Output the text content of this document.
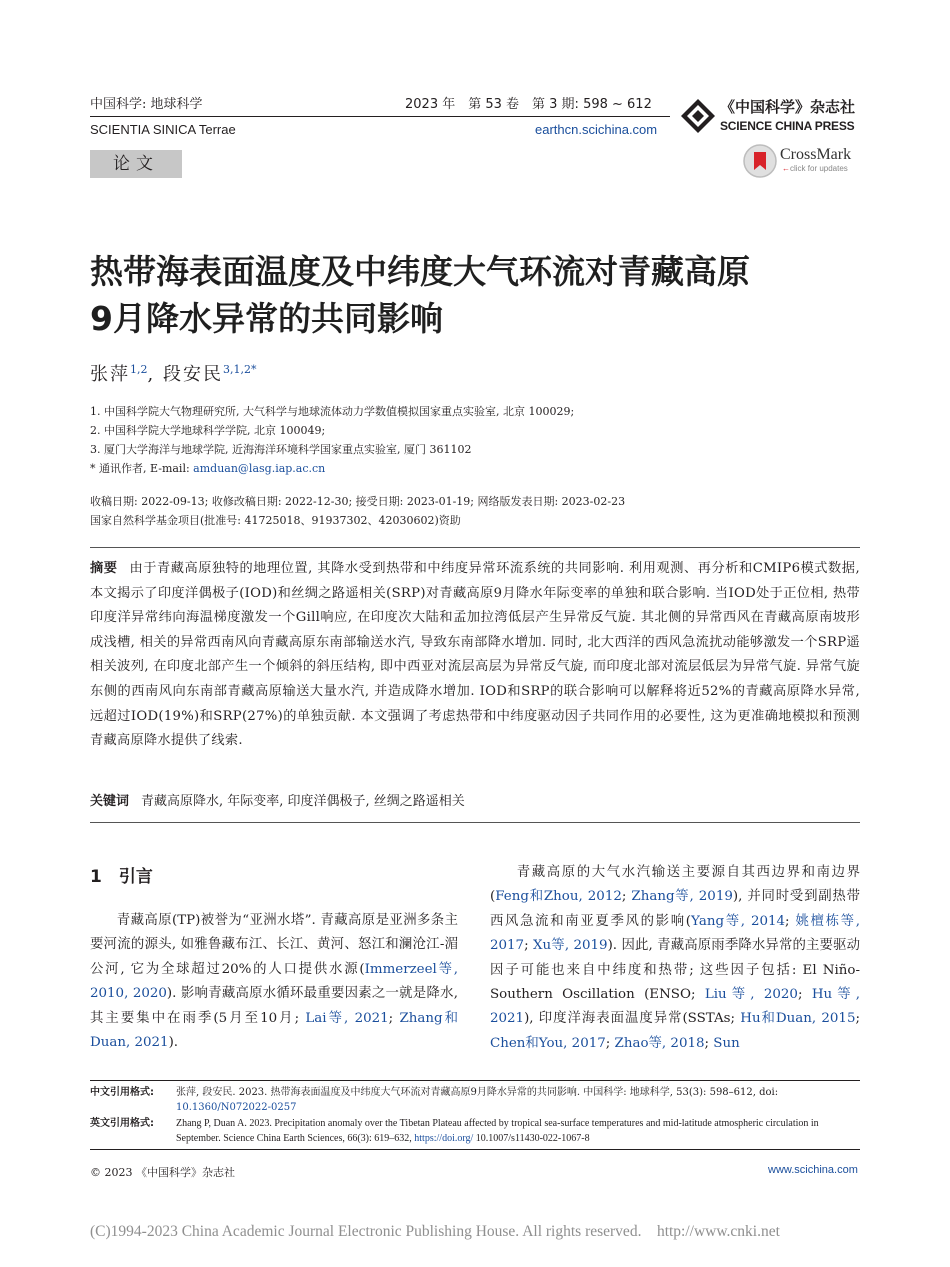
中国科学: 地球科学	2023 年　第 53 卷　第 3 期: 598 ~ 612
SCIENTIA SINICA Terrae	earthcn.scichina.com
《中国科学》杂志社
SCIENCE CHINA PRESS
CrossMark
←click for updates
论文
热带海表面温度及中纬度大气环流对青藏高原
9月降水异常的共同影响
张萍$^{1,2}$, 段安民$^{3,1,2*}$
1. 中国科学院大气物理研究所, 大气科学与地球流体动力学数值模拟国家重点实验室, 北京 100029;
2. 中国科学院大学地球科学学院, 北京 100049;
3. 厦门大学海洋与地球学院, 近海海洋环境科学国家重点实验室, 厦门 361102
* 通讯作者, E-mail: amduan@lasg.iap.ac.cn
收稿日期: 2022-09-13; 收修改稿日期: 2022-12-30; 接受日期: 2023-01-19; 网络版发表日期: 2023-02-23
国家自然科学基金项目(批准号: 41725018、91937302、42030602)资助
摘要 由于青藏高原独特的地理位置, 其降水受到热带和中纬度异常环流系统的共同影响. 利用观测、再分析和CMIP6模式数据, 本文揭示了印度洋偶极子(IOD)和丝绸之路遥相关(SRP)对青藏高原9月降水年际变率的单独和联合影响. 当IOD处于正位相, 热带印度洋异常纬向海温梯度激发一个Gill响应, 在印度次大陆和孟加拉湾低层产生异常反气旋. 其北侧的异常西风在青藏高原南坡形成浅槽, 相关的异常西南风向青藏高原东南部输送水汽, 导致东南部降水增加. 同时, 北大西洋的西风急流扰动能够激发一个SRP遥相关波列, 在印度北部产生一个倾斜的斜压结构, 即中西亚对流层高层为异常反气旋, 而印度北部对流层低层为异常气旋. 异常气旋东侧的西南风向东南部青藏高原输送大量水汽, 并造成降水增加. IOD和SRP的联合影响可以解释将近52%的青藏高原降水异常, 远超过IOD(19%)和SRP(27%)的单独贡献. 本文强调了考虑热带和中纬度驱动因子共同作用的必要性, 这为更准确地模拟和预测青藏高原降水提供了线索.
关键词 青藏高原降水, 年际变率, 印度洋偶极子, 丝绸之路遥相关
1　引言
青藏高原(TP)被誉为“亚洲水塔”. 青藏高原是亚洲多条主要河流的源头, 如雅鲁藏布江、长江、黄河、怒江和澜沧江-湄公河, 它为全球超过20%的人口提供水源(Immerzeel等, 2010, 2020). 影响青藏高原水循环最重要因素之一就是降水, 其主要集中在雨季(5月至10月; Lai等, 2021; Zhang和Duan, 2021).
青藏高原的大气水汽输送主要源自其西边界和南边界(Feng和Zhou, 2012; Zhang等, 2019), 并同时受到副热带西风急流和南亚夏季风的影响(Yang等, 2014; 姚檀栋等, 2017; Xu等, 2019). 因此, 青藏高原雨季降水异常的主要驱动因子可能也来自中纬度和热带; 这些因子包括: El Niño-Southern Oscillation (ENSO; Liu等, 2020; Hu等, 2021), 印度洋海表面温度异常(SSTAs; Hu和Duan, 2015; Chen和You, 2017; Zhao等, 2018; Sun
中文引用格式:	张萍, 段安民. 2023. 热带海表面温度及中纬度大气环流对青藏高原9月降水异常的共同影响. 中国科学: 地球科学, 53(3): 598–612, doi:
10.1360/N072022-0257
英文引用格式:	Zhang P, Duan A. 2023. Precipitation anomaly over the Tibetan Plateau affected by tropical sea-surface temperatures and mid-latitude atmospheric circulation in September. Science China Earth Sciences, 66(3): 619–632, https://doi.org/ 10.1007/s11430-022-1067-8
© 2023 《中国科学》杂志社	www.scichina.com
(C)1994-2023 China Academic Journal Electronic Publishing House. All rights reserved.　http://www.cnki.net
